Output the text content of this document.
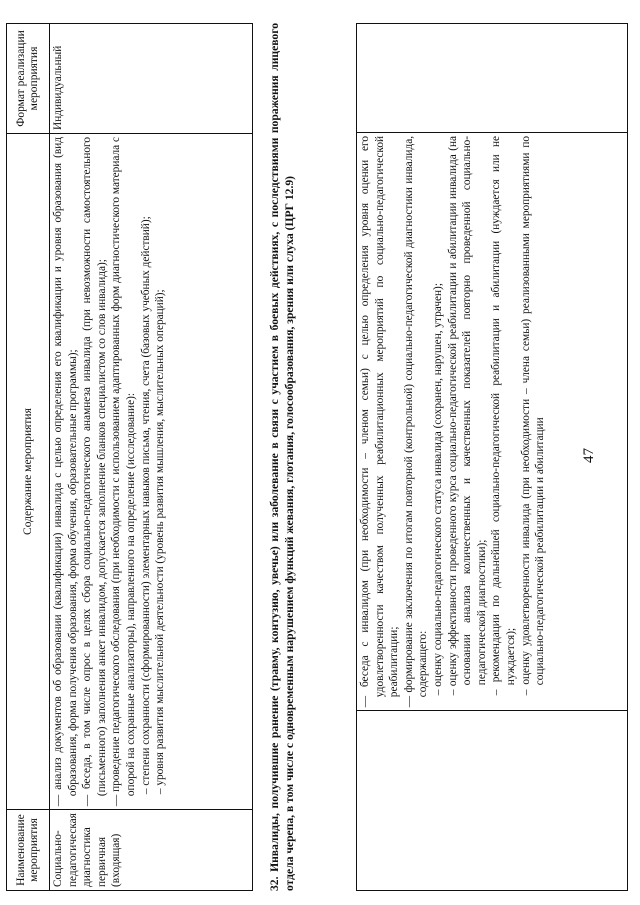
47

— беседа с инвалидом (при необходимости – членом семьи) с целью определения уровня оценки его удовлетворенности качеством полученных реабилитационных мероприятий по социально-педагогической реабилитации; — формирование заключения по итогам повторной (контрольной) социально-педагогической диагностики инвалида, содержащего: – оценку социально-педагогического статуса инвалида (сохранен, нарушен, утрачен); – оценку эффективности проведенного курса социально-педагогической реабилитации и абилитации инвалида (на основании анализа количественных и качественных показателей повторно проведенной социально-педагогической диагностики); – рекомендации по дальнейшей социально-педагогической реабилитации и абилитации (нуждается или не нуждается); – оценку удовлетворенности инвалида (при необходимости – члена семьи) реализованными мероприятиями по социально-педагогической реабилитации и абилитации

32. Инвалиды, получившие ранение (травму, контузию, увечье) или заболевание в связи с участием в боевых действиях, с последствиями поражения лицевого отдела черепа, в том числе с одновременным нарушением функций жевания, глотания, голосообразования, зрения или слуха (ЦРГ 12.9)
Наименование мероприятия	Содержание мероприятия	Формат реализации мероприятия
Социально-педагогическая диагностика первичная (входящая)	— анализ документов об образовании (квалификации) инвалида с целью определения его квалификации и уровня образования (вид образования, форма получения образования, форма обучения, образовательные программы); — беседа, в том числе опрос в целях сбора социально-педагогического анамнеза инвалида (при невозможности самостоятельного (письменного) заполнения анкет инвалидом, допускается заполнение бланков специалистом со слов инвалида); — проведение педагогического обследования (при необходимости с использованием адаптированных форм диагностического материала с опорой на сохранные анализаторы), направленного на определение (исследование): – степени сохранности (сформированности) элементарных навыков письма, чтения, счета (базовых учебных действий); – уровня развития мыслительной деятельности (уровень развития мышления, мыслительных операций);	Индивидуальный
